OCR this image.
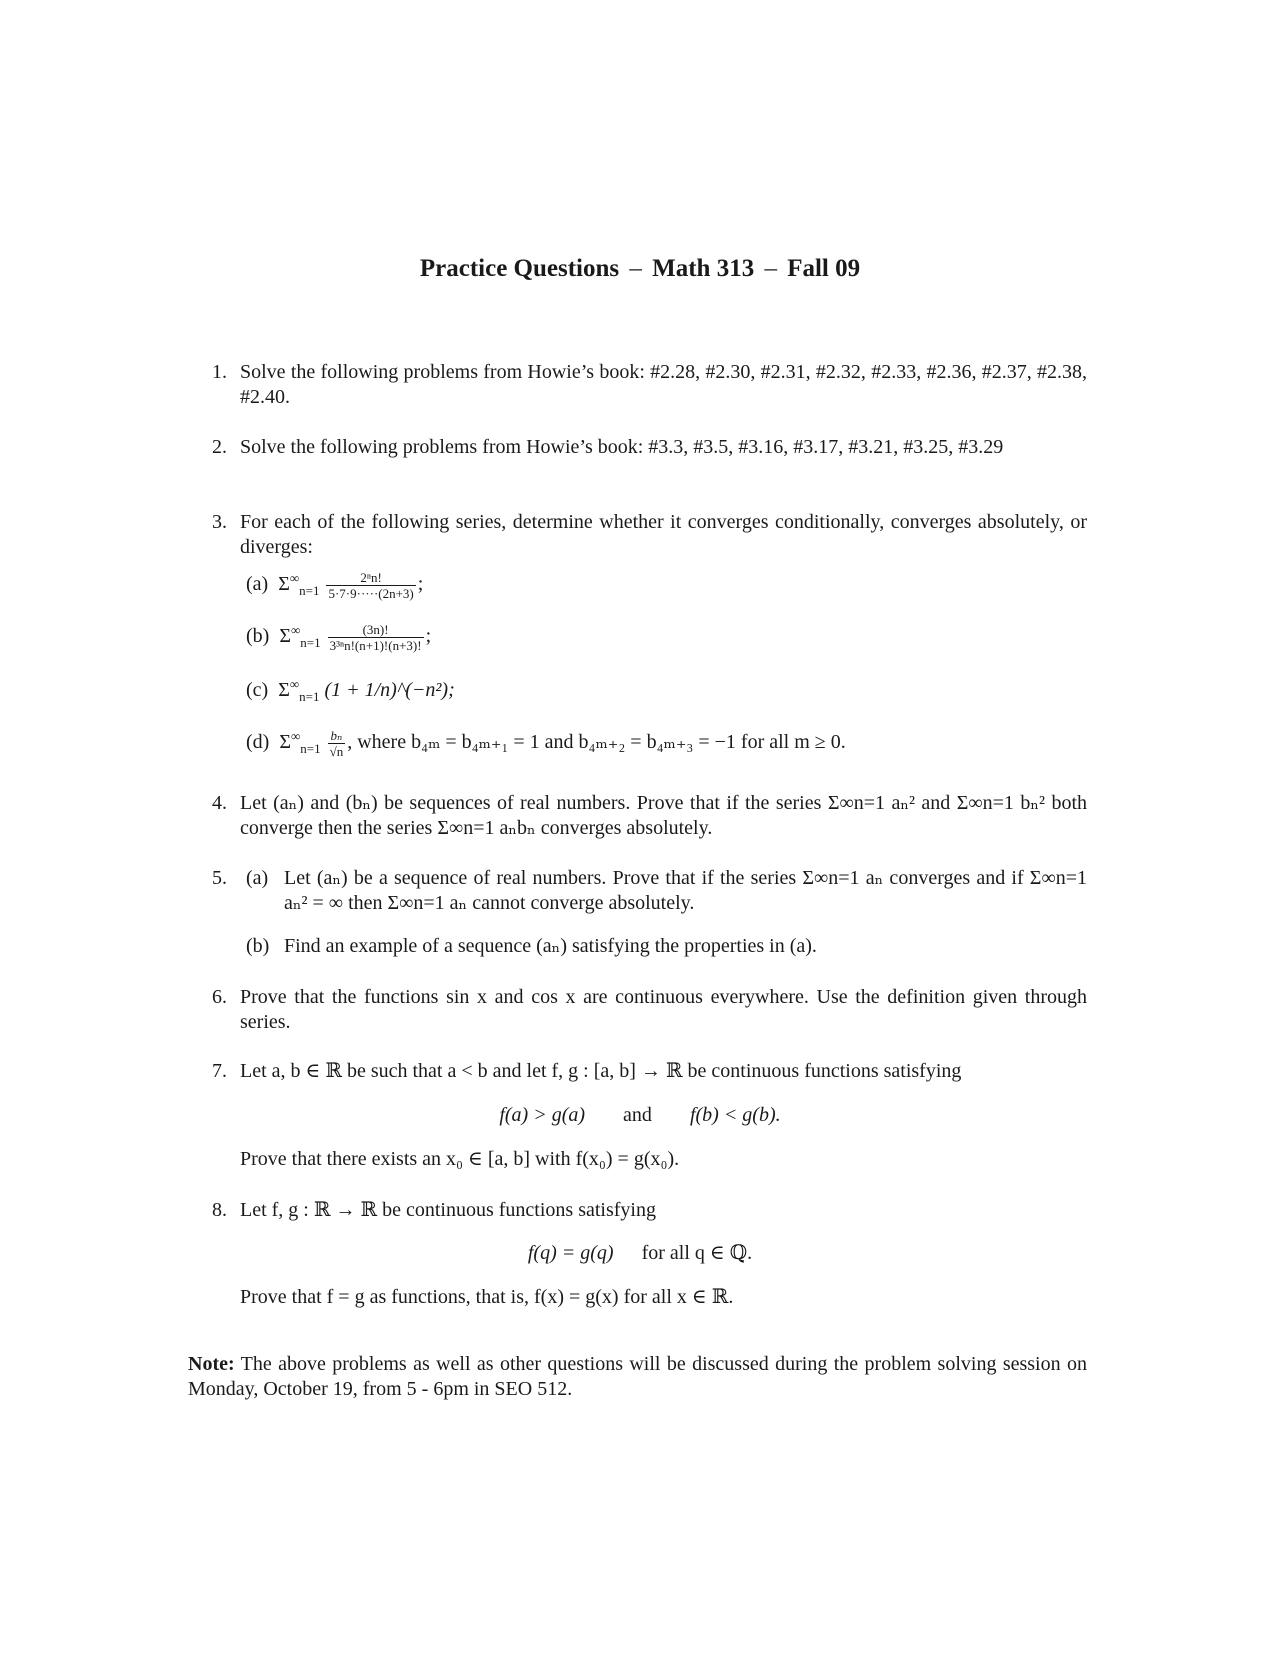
Practice Questions – Math 313 – Fall 09
1. Solve the following problems from Howie’s book: #2.28, #2.30, #2.31, #2.32, #2.33, #2.36, #2.37, #2.38, #2.40.
2. Solve the following problems from Howie’s book: #3.3, #3.5, #3.16, #3.17, #3.21, #3.25, #3.29
3. For each of the following series, determine whether it converges conditionally, converges absolutely, or diverges:
(a)  $\Sigma^\infty_{n=1} \frac{\text{2ⁿn!}}{5\cdot 7\cdot 9\cdot\cdot\cdot\cdot\cdot(2n+3)}$ ;
(b)  $\Sigma^\infty_{n=1} \frac{(3n)!}{\text{3³ⁿn!(n+1)!(n+3)!}}$ ;
(c)  $\Sigma^\infty_{n=1}$ (1 + 1/n)^(−n²);
(d)  $\Sigma^\infty_{n=1} \frac{\text{bₙ}}{√n}$ , where b₄ₘ = b₄ₘ₊₁ = 1 and b₄ₘ₊₂ = b₄ₘ₊₃ = −1 for all m ≥ 0.
4. Let (aₙ) and (bₙ) be sequences of real numbers. Prove that if the series Σ∞n=1 aₙ² and Σ∞n=1 bₙ² both converge then the series Σ∞n=1 aₙbₙ converges absolutely.
5. (a) Let (aₙ) be a sequence of real numbers. Prove that if the series Σ∞n=1 aₙ converges and if Σ∞n=1 aₙ² = ∞ then Σ∞n=1 aₙ cannot converge absolutely.
(b) Find an example of a sequence (aₙ) satisfying the properties in (a).
6. Prove that the functions sin x and cos x are continuous everywhere. Use the definition given through series.
7. Let a, b ∈ ℝ be such that a < b and let f, g : [a, b] → ℝ be continuous functions satisfying
f(a) > g(a) and f(b) < g(b).
Prove that there exists an x₀ ∈ [a, b] with f(x₀) = g(x₀).
8. Let f, g : ℝ → ℝ be continuous functions satisfying
f(q) = g(q) for all q ∈ ℚ.
Prove that f = g as functions, that is, f(x) = g(x) for all x ∈ ℝ.
Note: The above problems as well as other questions will be discussed during the problem solving session on Monday, October 19, from 5 - 6pm in SEO 512.
